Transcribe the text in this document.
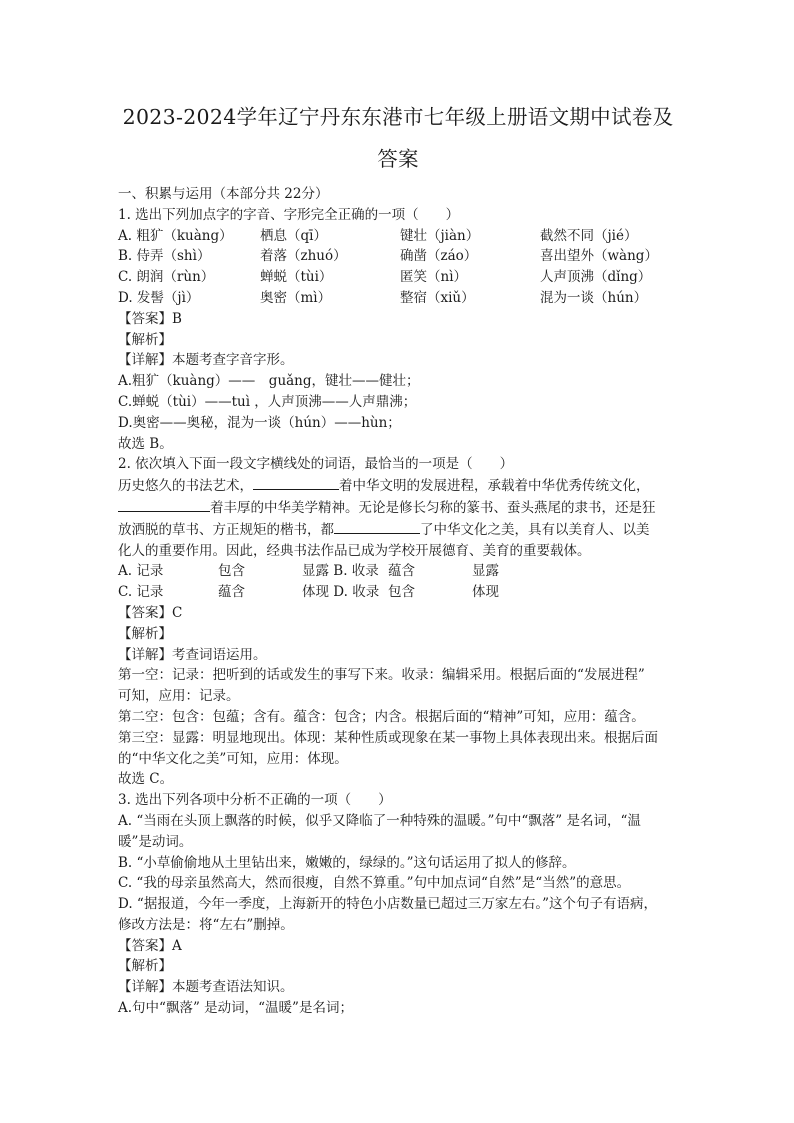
2023-2024学年辽宁丹东东港市七年级上册语文期中试卷及
答案
一、积累与运用（本部分共 22分）
1. 选出下列加点字的字音、字形完全正确的一项（　　）
A. 粗犷（kuàng）	栖息（qī）	键壮（jiàn）	截然不同（jié）
B. 侍弄（shì）	着落（zhuó）	确凿（záo）	喜出望外（wàng）
C. 朗润（rùn）	蝉蜕（tùi）	匿笑（nì）	人声顶沸（dǐng）
D. 发髻（jì）	奥密（mì）	整宿（xiǔ）	混为一谈（hún）
【答案】B
【解析】
【详解】本题考查字音字形。
A.粗犷（kuàng）——　guǎng，键壮——健壮；
C.蝉蜕（tùi）——tuì ，人声顶沸——人声鼎沸；
D.奥密——奥秘，混为一谈（hún）——hùn；
故选 B。
2. 依次填入下面一段文字横线处的词语，最恰当的一项是（　　）
历史悠久的书法艺术，	着中华文明的发展进程，承载着中华优秀传统文化，
着丰厚的中华美学精神。无论是修长匀称的篆书、蚕头燕尾的隶书，还是狂
放洒脱的草书、方正规矩的楷书，都	了中华文化之美，具有以美育人、以美
化人的重要作用。因此，经典书法作品已成为学校开展德育、美育的重要载体。
A. 记录	包含	显露 B. 收录 蕴含	显露
C. 记录	蕴含	体现 D. 收录 包含	体现
【答案】C
【解析】
【详解】考查词语运用。
第一空：记录：把听到的话或发生的事写下来。收录：编辑采用。根据后面的“发展进程”
可知，应用：记录。
第二空：包含：包蕴；含有。蕴含：包含；内含。根据后面的“精神”可知，应用：蕴含。
第三空：显露：明显地现出。体现：某种性质或现象在某一事物上具体表现出来。根据后面
的“中华文化之美”可知，应用：体现。
故选 C。
3. 选出下列各项中分析不正确的一项（　　）
A. “当雨在头顶上飘落的时候，似乎又降临了一种特殊的温暖。”句中“飘落” 是名词，“温
暖”是动词。
B. “小草偷偷地从土里钻出来，嫩嫩的，绿绿的。”这句话运用了拟人的修辞。
C. “我的母亲虽然高大，然而很瘦，自然不算重。”句中加点词“自然”是“当然”的意思。
D. “据报道，今年一季度，上海新开的特色小店数量已超过三万家左右。”这个句子有语病，
修改方法是：将“左右”删掉。
【答案】A
【解析】
【详解】本题考查语法知识。
A.句中“飘落” 是动词，“温暖”是名词；
